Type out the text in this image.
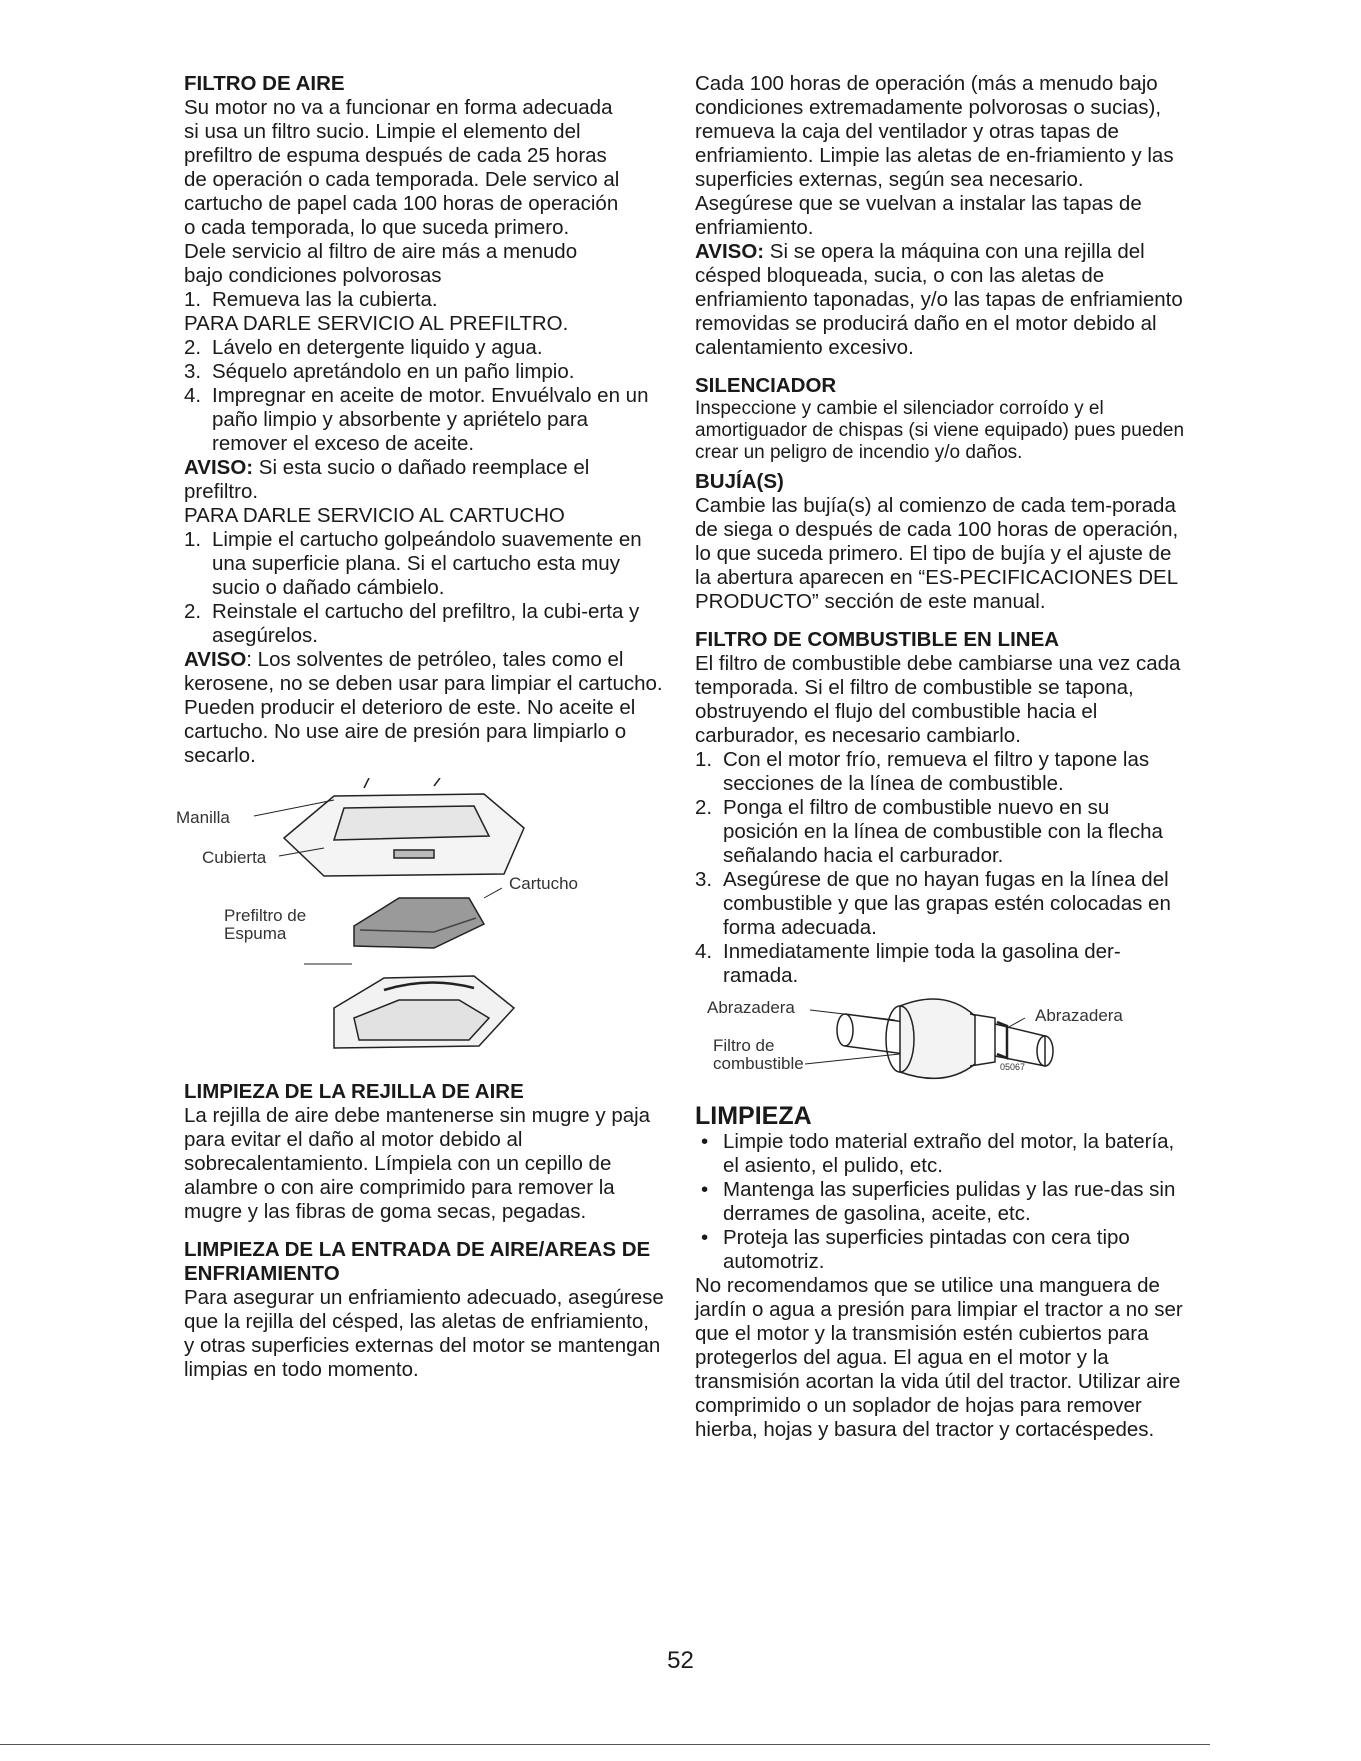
FILTRO DE AIRE

Su motor no va a funcionar en forma adecuada

si usa un filtro sucio. Limpie el elemento del

prefiltro de espuma después de cada 25 horas

de operación o cada temporada. Dele servico al

cartucho de papel cada 100 horas de operación

o cada temporada, lo que suceda primero.

Dele servicio al filtro de aire más a menudo

bajo condiciones polvorosas

1. Remueva las la cubierta.

PARA DARLE SERVICIO AL PREFILTRO.

2. Lávelo en detergente liquido y agua.
3. Séquelo apretándolo en un paño limpio.
4. Impregnar en aceite de motor. Envuélvalo en un paño limpio y absorbente y apriételo para remover el exceso de aceite.

AVISO: Si esta sucio o dañado reemplace el prefiltro.

PARA DARLE SERVICIO AL CARTUCHO

1. Limpie el cartucho golpeándolo suavemente en una superficie plana. Si el cartucho esta muy sucio o dañado cámbielo.
2. Reinstale el cartucho del prefiltro, la cubi-erta y asegúrelos.

AVISO: Los solventes de petróleo, tales como el kerosene, no se deben usar para limpiar el cartucho. Pueden producir el deterioro de este. No aceite el cartucho. No use aire de presión para limpiarlo o secarlo.

Manilla
Cubierta
Cartucho
Prefiltro de
Espuma
LIMPIEZA DE LA REJILLA DE AIRE

La rejilla de aire debe mantenerse sin mugre y paja para evitar el daño al motor debido al sobrecalentamiento. Límpiela con un cepillo de alambre o con aire comprimido para remover la mugre y las fibras de goma secas, pegadas.

LIMPIEZA DE LA ENTRADA DE AIRE/AREAS DE ENFRIAMIENTO

Para asegurar un enfriamiento adecuado, asegúrese que la rejilla del césped, las aletas de enfriamiento, y otras superficies externas del motor se mantengan limpias en todo momento.

Cada 100 horas de operación (más a menudo bajo condiciones extremadamente polvorosas o sucias), remueva la caja del ventilador y otras tapas de enfriamiento. Limpie las aletas de en-friamiento y las superficies externas, según sea necesario. Asegúrese que se vuelvan a instalar las tapas de enfriamiento.

AVISO: Si se opera la máquina con una rejilla del césped bloqueada, sucia, o con las aletas de enfriamiento taponadas, y/o las tapas de enfriamiento removidas se producirá daño en el motor debido al calentamiento excesivo.

SILENCIADOR

Inspeccione y cambie el silenciador corroído y el amortiguador de chispas (si viene equipado) pues pueden crear un peligro de incendio y/o daños.

BUJÍA(S)

Cambie las bujía(s) al comienzo de cada tem-porada de siega o después de cada 100 horas de operación, lo que suceda primero. El tipo de bujía y el ajuste de la abertura aparecen en “ES-PECIFICACIONES DEL PRODUCTO” sección de este manual.

FILTRO DE COMBUSTIBLE EN LINEA

El filtro de combustible debe cambiarse una vez cada temporada. Si el filtro de combustible se tapona, obstruyendo el flujo del combustible hacia el carburador, es necesario cambiarlo.

1. Con el motor frío, remueva el filtro y tapone las secciones de la línea de combustible.
2. Ponga el filtro de combustible nuevo en su posición en la línea de combustible con la flecha señalando hacia el carburador.
3. Asegúrese de que no hayan fugas en la línea del combustible y que las grapas estén colocadas en forma adecuada.
4. Inmediatamente limpie toda la gasolina der-ramada.
Abrazadera	Abrazadera
Filtro de
combustible	05067
LIMPIEZA
• Limpie todo material extraño del motor, la batería, el asiento, el pulido, etc.
• Mantenga las superficies pulidas y las rue-das sin derrames de gasolina, aceite, etc.
• Proteja las superficies pintadas con cera tipo automotriz.

No recomendamos que se utilice una manguera de jardín o agua a presión para limpiar el tractor a no ser que el motor y la transmisión estén cubiertos para protegerlos del agua. El agua en el motor y la transmisión acortan la vida útil del tractor. Utilizar aire comprimido o un soplador de hojas para remover hierba, hojas y basura del tractor y cortacéspedes.

52
